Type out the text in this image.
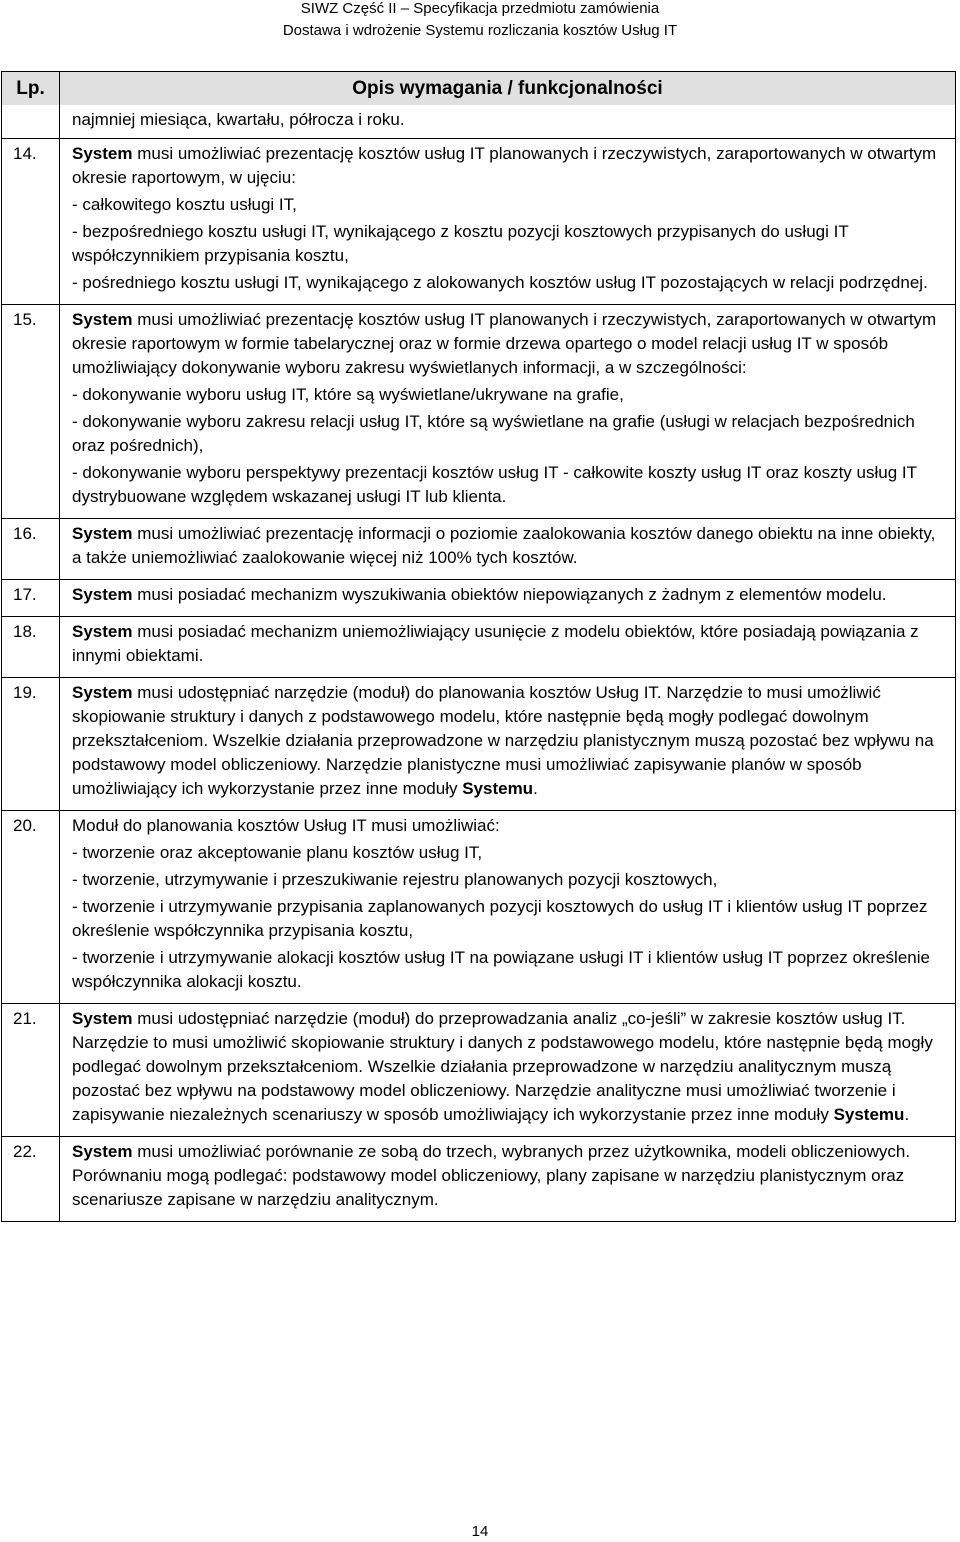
SIWZ Część II – Specyfikacja przedmiotu zamówienia
Dostawa i wdrożenie Systemu rozliczania kosztów Usług IT
Lp.	Opis wymagania / funkcjonalności

	najmniej miesiąca, kwartału, półrocza i roku.

14.	System musi umożliwiać prezentację kosztów usług IT planowanych i rzeczywistych, zaraportowanych w otwartym okresie raportowym, w ujęciu:

- całkowitego kosztu usługi IT,

- bezpośredniego kosztu usługi IT, wynikającego z kosztu pozycji kosztowych przypisanych do usługi IT współczynnikiem przypisania kosztu,

- pośredniego kosztu usługi IT, wynikającego z alokowanych kosztów usług IT pozostających w relacji podrzędnej.

15.	System musi umożliwiać prezentację kosztów usług IT planowanych i rzeczywistych, zaraportowanych w otwartym okresie raportowym w formie tabelarycznej oraz w formie drzewa opartego o model relacji usług IT w sposób umożliwiający dokonywanie wyboru zakresu wyświetlanych informacji, a w szczególności:

- dokonywanie wyboru usług IT, które są wyświetlane/ukrywane na grafie,

- dokonywanie wyboru zakresu relacji usług IT, które są wyświetlane na grafie (usługi w relacjach bezpośrednich oraz pośrednich),

- dokonywanie wyboru perspektywy prezentacji kosztów usług IT - całkowite koszty usług IT oraz koszty usług IT dystrybuowane względem wskazanej usługi IT lub klienta.

16.	System musi umożliwiać prezentację informacji o poziomie zaalokowania kosztów danego obiektu na inne obiekty, a także uniemożliwiać zaalokowanie więcej niż 100% tych kosztów.

17.	System musi posiadać mechanizm wyszukiwania obiektów niepowiązanych z żadnym z elementów modelu.

18.	System musi posiadać mechanizm uniemożliwiający usunięcie z modelu obiektów, które posiadają powiązania z innymi obiektami.

19.	System musi udostępniać narzędzie (moduł) do planowania kosztów Usług IT. Narzędzie to musi umożliwić skopiowanie struktury i danych z podstawowego modelu, które następnie będą mogły podlegać dowolnym przekształceniom. Wszelkie działania przeprowadzone w narzędziu planistycznym muszą pozostać bez wpływu na podstawowy model obliczeniowy. Narzędzie planistyczne musi umożliwiać zapisywanie planów w sposób umożliwiający ich wykorzystanie przez inne moduły Systemu.

20.	Moduł do planowania kosztów Usług IT musi umożliwiać:

- tworzenie oraz akceptowanie planu kosztów usług IT,

- tworzenie, utrzymywanie i przeszukiwanie rejestru planowanych pozycji kosztowych,

- tworzenie i utrzymywanie przypisania zaplanowanych pozycji kosztowych do usług IT i klientów usług IT poprzez określenie współczynnika przypisania kosztu,

- tworzenie i utrzymywanie alokacji kosztów usług IT na powiązane usługi IT i klientów usług IT poprzez określenie współczynnika alokacji kosztu.

21.	System musi udostępniać narzędzie (moduł) do przeprowadzania analiz „co-jeśli” w zakresie kosztów usług IT. Narzędzie to musi umożliwić skopiowanie struktury i danych z podstawowego modelu, które następnie będą mogły podlegać dowolnym przekształceniom. Wszelkie działania przeprowadzone w narzędziu analitycznym muszą pozostać bez wpływu na podstawowy model obliczeniowy. Narzędzie analityczne musi umożliwiać tworzenie i zapisywanie niezależnych scenariuszy w sposób umożliwiający ich wykorzystanie przez inne moduły Systemu.

22.	System musi umożliwiać porównanie ze sobą do trzech, wybranych przez użytkownika, modeli obliczeniowych. Porównaniu mogą podlegać: podstawowy model obliczeniowy, plany zapisane w narzędziu planistycznym oraz scenariusze zapisane w narzędziu analitycznym.

14
